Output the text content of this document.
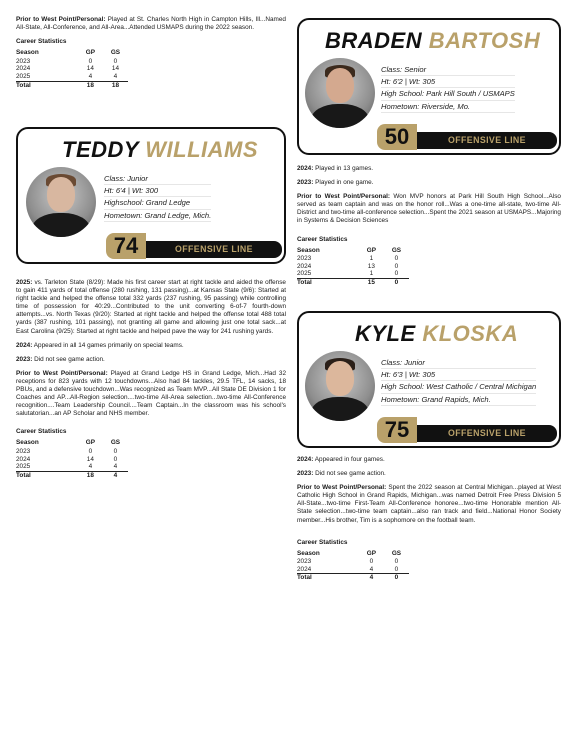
Prior to West Point/Personal: Played at St. Charles North High in Campton Hills, Ill...Named All-State, All-Conference, and All-Area...Attended USMAPS during the 2022 season.

Career Statistics
Season	GP	GS
2023	0	0
2024	14	14
2025	4	4
Total	18	18
TEDDY WILLIAMS
Class: Junior
Ht: 6'4 | Wt: 300
Highschool: Grand Ledge
Hometown: Grand Ledge, Mich.
74	OFFENSIVE LINE

2025: vs. Tarleton State (8/29): Made his first career start at right tackle and aided the offense to gain 411 yards of total offense (280 rushing, 131 passing)...at Kansas State (9/6): Started at right tackle and helped the offense total 332 yards (237 rushing, 95 passing) while controlling time of possession for 40:29...Contributed to the unit converting 6-of-7 fourth-down attempts...vs. North Texas (9/20): Started at right tackle and helped the offense total 488 total yards (387 rushing, 101 passing), not granting all game and allowing just one total sack...at East Carolina (9/25): Started at right tackle and helped pave the way for 241 rushing yards.

2024: Appeared in all 14 games primarily on special teams.

2023: Did not see game action.

Prior to West Point/Personal: Played at Grand Ledge HS in Grand Ledge, Mich...Had 32 receptions for 823 yards with 12 touchdowns...Also had 84 tackles, 29.5 TFL, 14 sacks, 18 PBUs, and a defensive touchdown...Was recognized as Team MVP...All State DE Division 1 for Coaches and AP...All-Region selection....two-time All-Area selection...two-time All-Conference recognition....Team Leadership Council....Team Captain...In the classroom was his school's salutatorian...an AP Scholar and NHS member.

Career Statistics
Season	GP	GS
2023	0	0
2024	14	0
2025	4	4
Total	18	4
BRADEN BARTOSH
Class: Senior
Ht: 6'2 | Wt: 305
High School: Park Hill South / USMAPS
Hometown: Riverside, Mo.
50	OFFENSIVE LINE

2024: Played in 13 games.

2023: Played in one game.

Prior to West Point/Personal: Won MVP honors at Park Hill South High School...Also served as team captain and was on the honor roll...Was a one-time all-state, two-time All-District and two-time all-conference selection...Spent the 2021 season at USMAPS...Majoring in Systems & Decision Sciences

Career Statistics
Season	GP	GS
2023	1	0
2024	13	0
2025	1	0
Total	15	0
KYLE KLOSKA
Class: Junior
Ht: 6'3 | Wt: 305
High School: West Catholic / Central Michigan
Hometown: Grand Rapids, Mich.
75	OFFENSIVE LINE

2024: Appeared in four games.

2023: Did not see game action.

Prior to West Point/Personal: Spent the 2022 season at Central Michigan...played at West Catholic High School in Grand Rapids, Michigan...was named Detroit Free Press Division 5 All-State...two-time First-Team All-Conference honoree...two-time Honorable mention All-State selection...two-time team captain...also ran track and field...National Honor Society member...His brother, Tim is a sophomore on the football team.

Career Statistics
Season	GP	GS
2023	0	0
2024	4	0
Total	4	0
